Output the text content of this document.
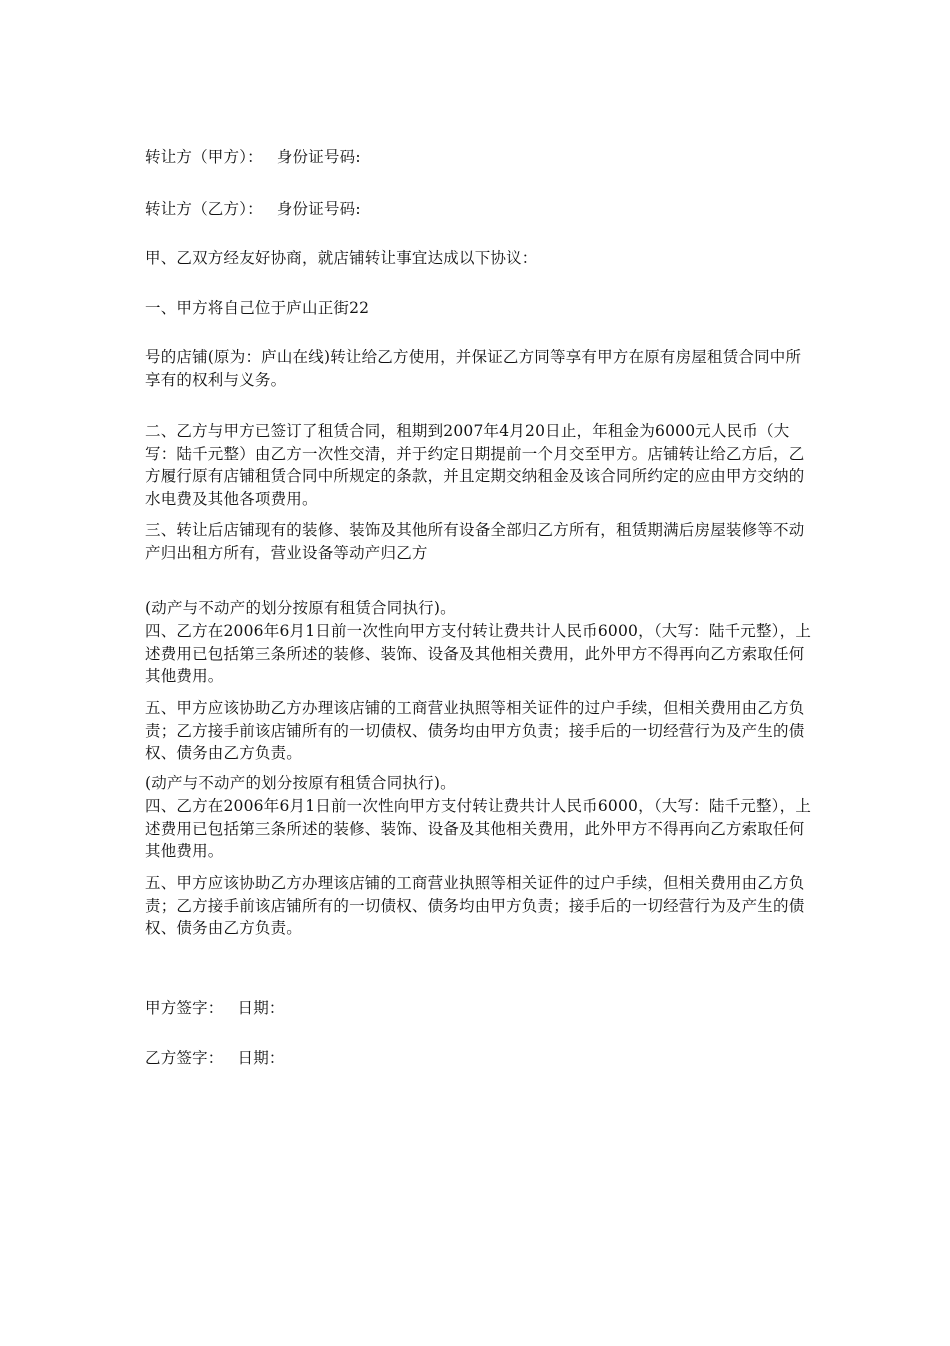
转让方（甲方）： 身份证号码:
转让方（乙方）： 身份证号码:
甲、乙双方经友好协商，就店铺转让事宜达成以下协议：
一、甲方将自己位于庐山正街22
号的店铺(原为：庐山在线)转让给乙方使用，并保证乙方同等享有甲方在原有房屋租赁合同中所享有的权利与义务。
二、乙方与甲方已签订了租赁合同，租期到2007年4月20日止，年租金为6000元人民币（大写：陆千元整）由乙方一次性交清，并于约定日期提前一个月交至甲方。店铺转让给乙方后，乙方履行原有店铺租赁合同中所规定的条款，并且定期交纳租金及该合同所约定的应由甲方交纳的水电费及其他各项费用。
三、转让后店铺现有的装修、装饰及其他所有设备全部归乙方所有，租赁期满后房屋装修等不动产归出租方所有，营业设备等动产归乙方
(动产与不动产的划分按原有租赁合同执行)。
四、乙方在2006年6月1日前一次性向甲方支付转让费共计人民币6000，（大写：陆千元整），上述费用已包括第三条所述的装修、装饰、设备及其他相关费用，此外甲方不得再向乙方索取任何其他费用。
五、甲方应该协助乙方办理该店铺的工商营业执照等相关证件的过户手续，但相关费用由乙方负责；乙方接手前该店铺所有的一切债权、债务均由甲方负责；接手后的一切经营行为及产生的债权、债务由乙方负责。
(动产与不动产的划分按原有租赁合同执行)。
四、乙方在2006年6月1日前一次性向甲方支付转让费共计人民币6000，（大写：陆千元整），上述费用已包括第三条所述的装修、装饰、设备及其他相关费用，此外甲方不得再向乙方索取任何其他费用。
五、甲方应该协助乙方办理该店铺的工商营业执照等相关证件的过户手续，但相关费用由乙方负责；乙方接手前该店铺所有的一切债权、债务均由甲方负责；接手后的一切经营行为及产生的债权、债务由乙方负责。
甲方签字： 日期：
乙方签字： 日期：
